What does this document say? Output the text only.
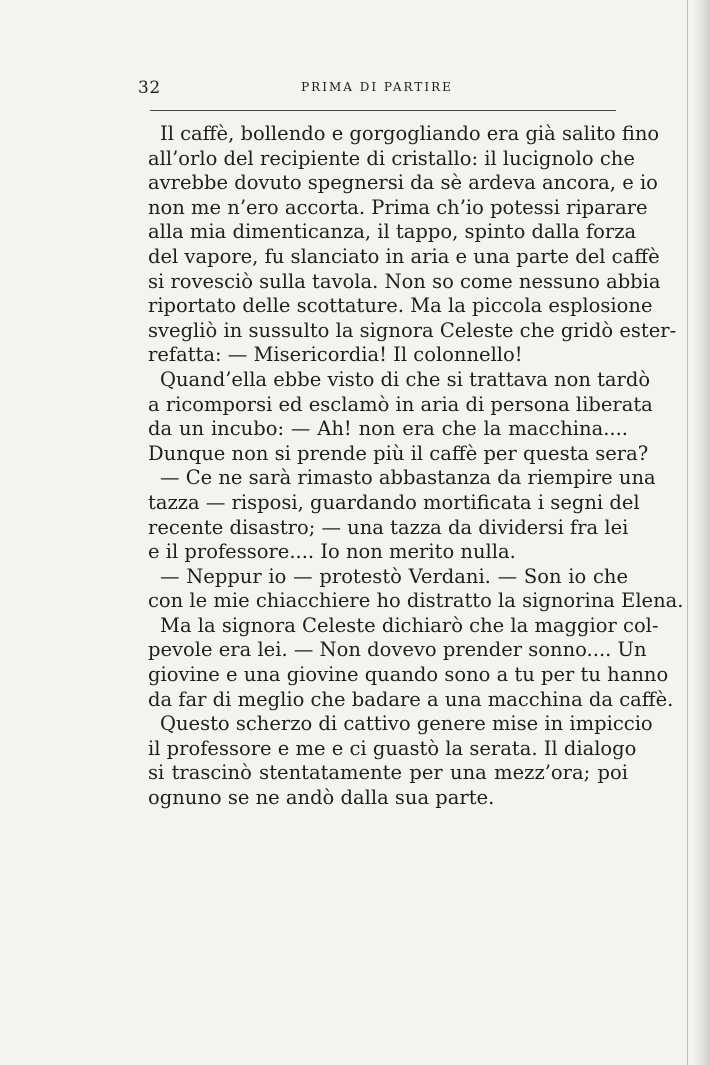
32	PRIMA DI PARTIRE
Il caffè, bollendo e gorgogliando era già salito fino
all’orlo del recipiente di cristallo: il lucignolo che
avrebbe dovuto spegnersi da sè ardeva ancora, e io
non me n’ero accorta. Prima ch’io potessi riparare
alla mia dimenticanza, il tappo, spinto dalla forza
del vapore, fu slanciato in aria e una parte del caffè
si rovesciò sulla tavola. Non so come nessuno abbia
riportato delle scottature. Ma la piccola esplosione
svegliò in sussulto la signora Celeste che gridò ester-
refatta: — Misericordia! Il colonnello!
Quand’ella ebbe visto di che si trattava non tardò
a ricomporsi ed esclamò in aria di persona liberata
da un incubo: — Ah! non era che la macchina....
Dunque non si prende più il caffè per questa sera?
— Ce ne sarà rimasto abbastanza da riempire una
tazza — risposi, guardando mortificata i segni del
recente disastro; — una tazza da dividersi fra lei
e il professore.... Io non merito nulla.
— Neppur io — protestò Verdani. — Son io che
con le mie chiacchiere ho distratto la signorina Elena.
Ma la signora Celeste dichiarò che la maggior col-
pevole era lei. — Non dovevo prender sonno.... Un
giovine e una giovine quando sono a tu per tu hanno
da far di meglio che badare a una macchina da caffè.
Questo scherzo di cattivo genere mise in impiccio
il professore e me e ci guastò la serata. Il dialogo
si trascinò stentatamente per una mezz’ora; poi
ognuno se ne andò dalla sua parte.
